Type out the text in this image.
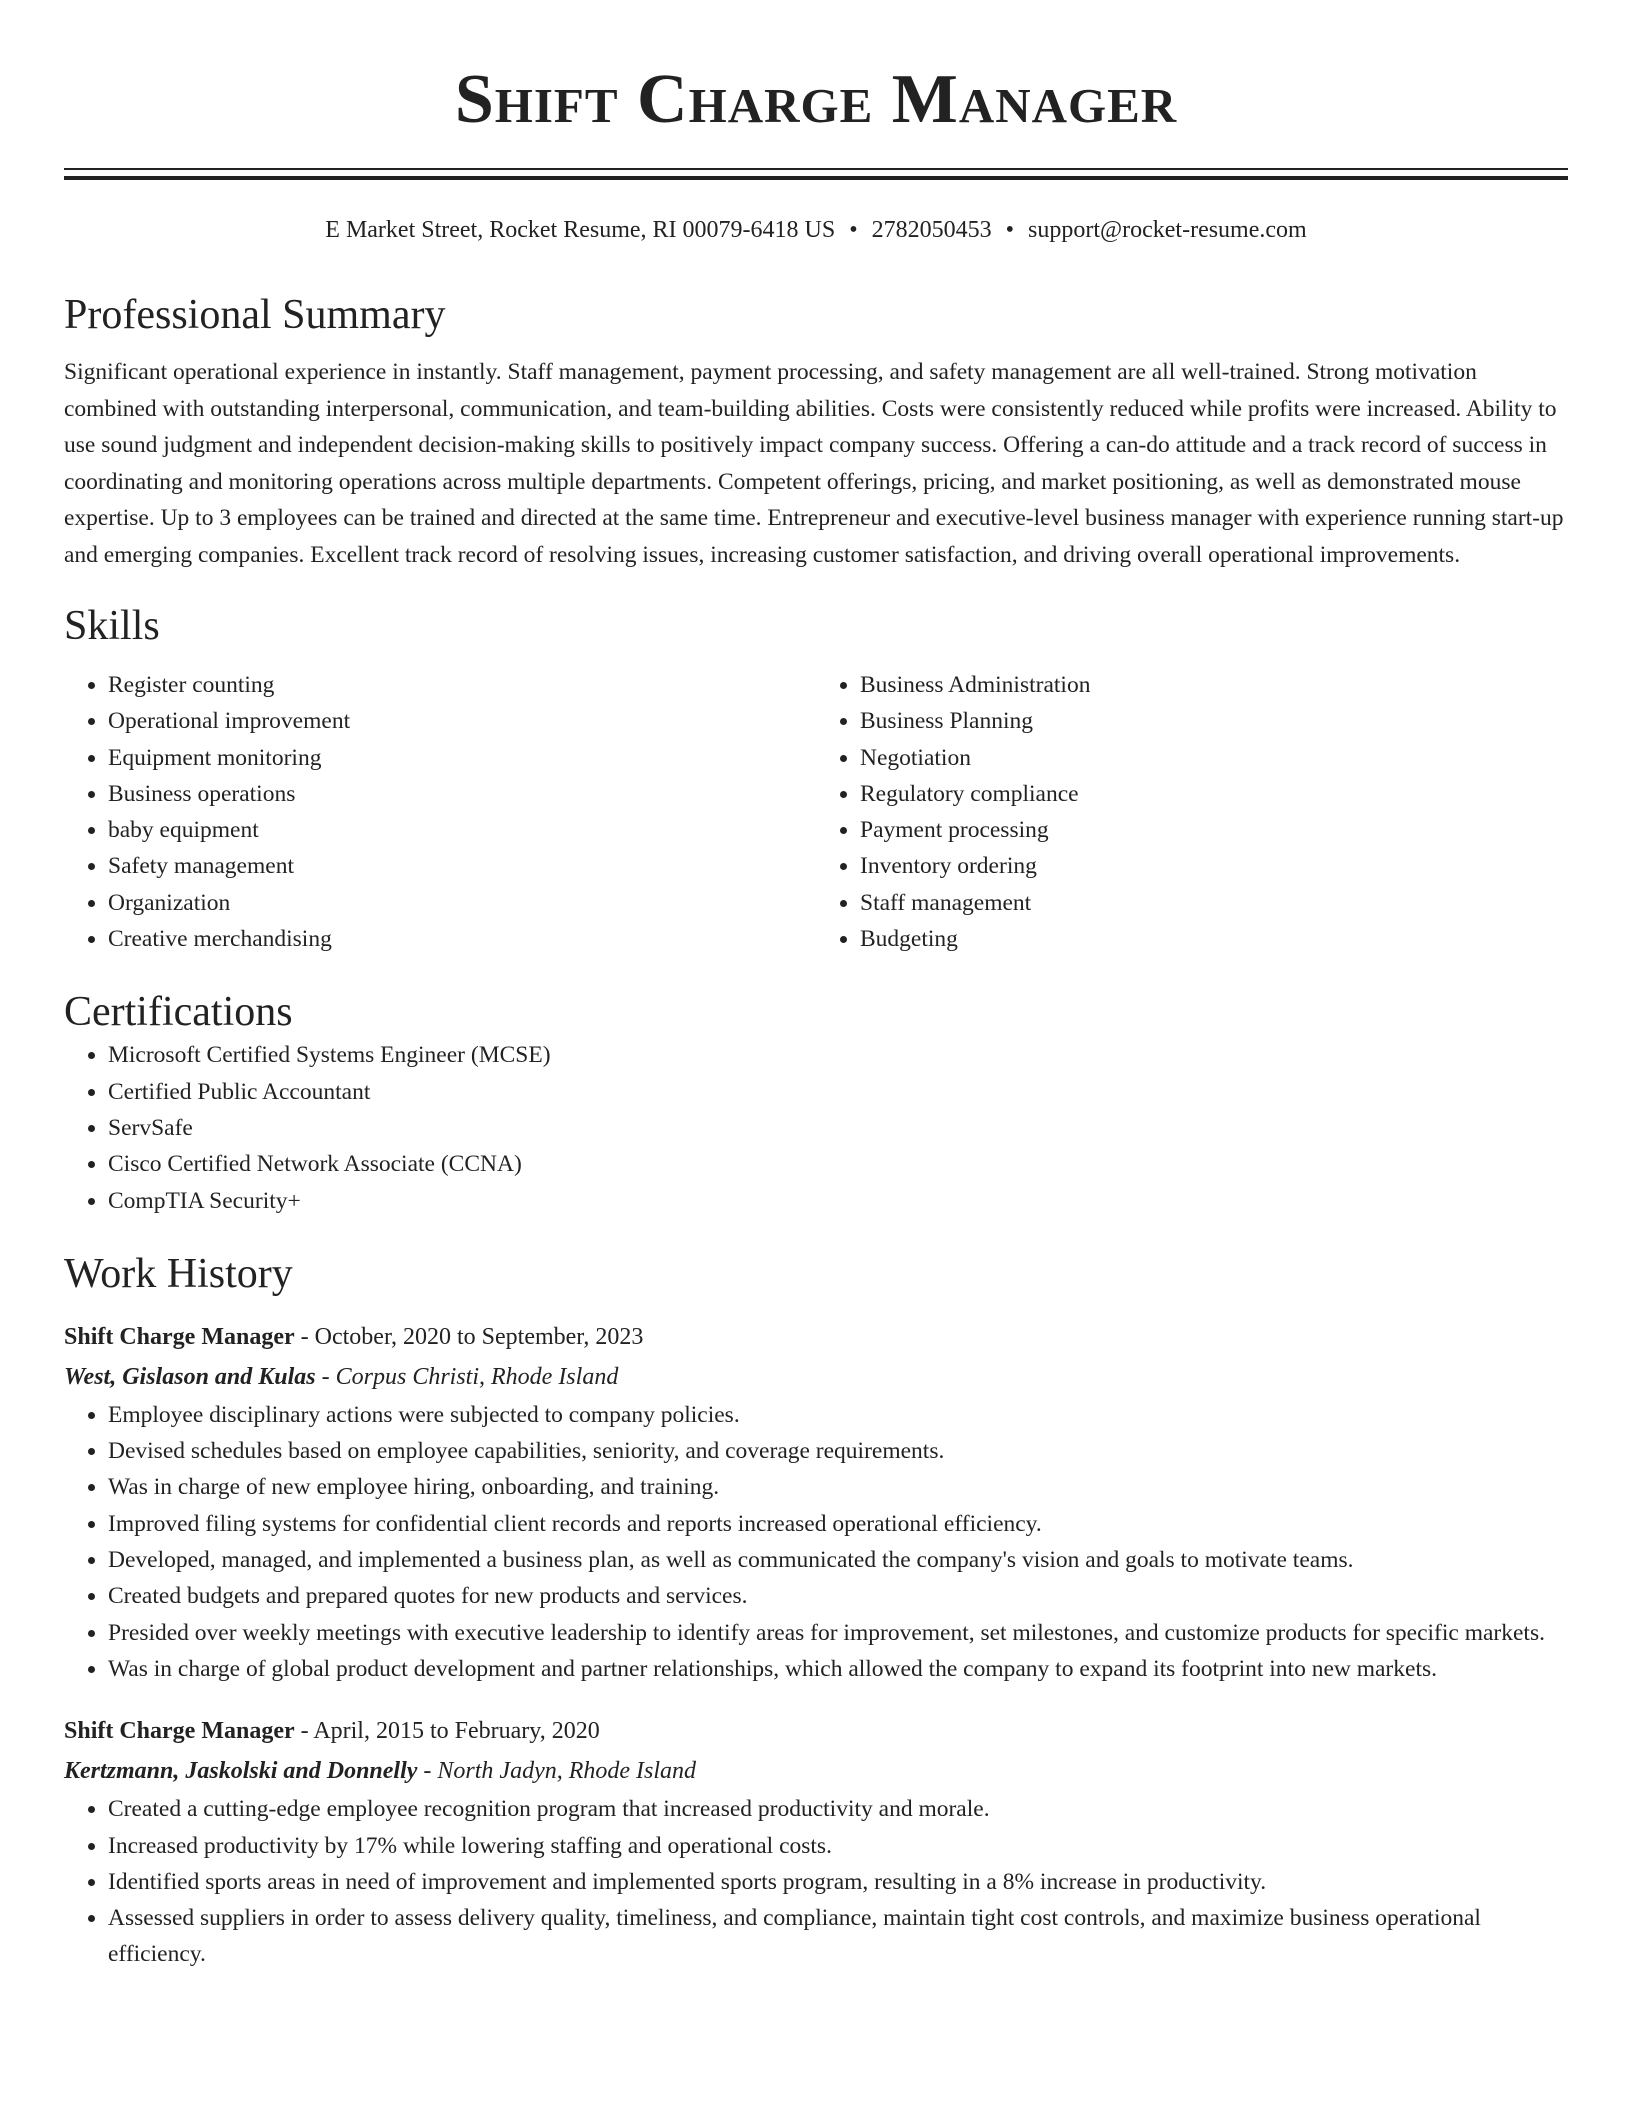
Shift Charge Manager
E Market Street, Rocket Resume, RI 00079-6418 US • 2782050453 • support@rocket-resume.com
Professional Summary

Significant operational experience in instantly. Staff management, payment processing, and safety management are all well-trained. Strong motivation combined with outstanding interpersonal, communication, and team-building abilities. Costs were consistently reduced while profits were increased. Ability to use sound judgment and independent decision-making skills to positively impact company success. Offering a can-do attitude and a track record of success in coordinating and monitoring operations across multiple departments. Competent offerings, pricing, and market positioning, as well as demonstrated mouse expertise. Up to 3 employees can be trained and directed at the same time. Entrepreneur and executive-level business manager with experience running start-up and emerging companies. Excellent track record of resolving issues, increasing customer satisfaction, and driving overall operational improvements.

Skills
• Register counting
• Operational improvement
• Equipment monitoring
• Business operations
• baby equipment
• Safety management
• Organization
• Creative merchandising
• Business Administration
• Business Planning
• Negotiation
• Regulatory compliance
• Payment processing
• Inventory ordering
• Staff management
• Budgeting
Certifications
• Microsoft Certified Systems Engineer (MCSE)
• Certified Public Accountant
• ServSafe
• Cisco Certified Network Associate (CCNA)
• CompTIA Security+
Work History
Shift Charge Manager - October, 2020 to September, 2023
West, Gislason and Kulas - Corpus Christi, Rhode Island
• Employee disciplinary actions were subjected to company policies.
• Devised schedules based on employee capabilities, seniority, and coverage requirements.
• Was in charge of new employee hiring, onboarding, and training.
• Improved filing systems for confidential client records and reports increased operational efficiency.
• Developed, managed, and implemented a business plan, as well as communicated the company's vision and goals to motivate teams.
• Created budgets and prepared quotes for new products and services.
• Presided over weekly meetings with executive leadership to identify areas for improvement, set milestones, and customize products for specific markets.
• Was in charge of global product development and partner relationships, which allowed the company to expand its footprint into new markets.
Shift Charge Manager - April, 2015 to February, 2020
Kertzmann, Jaskolski and Donnelly - North Jadyn, Rhode Island
• Created a cutting-edge employee recognition program that increased productivity and morale.
• Increased productivity by 17% while lowering staffing and operational costs.
• Identified sports areas in need of improvement and implemented sports program, resulting in a 8% increase in productivity.
• Assessed suppliers in order to assess delivery quality, timeliness, and compliance, maintain tight cost controls, and maximize business operational efficiency.
